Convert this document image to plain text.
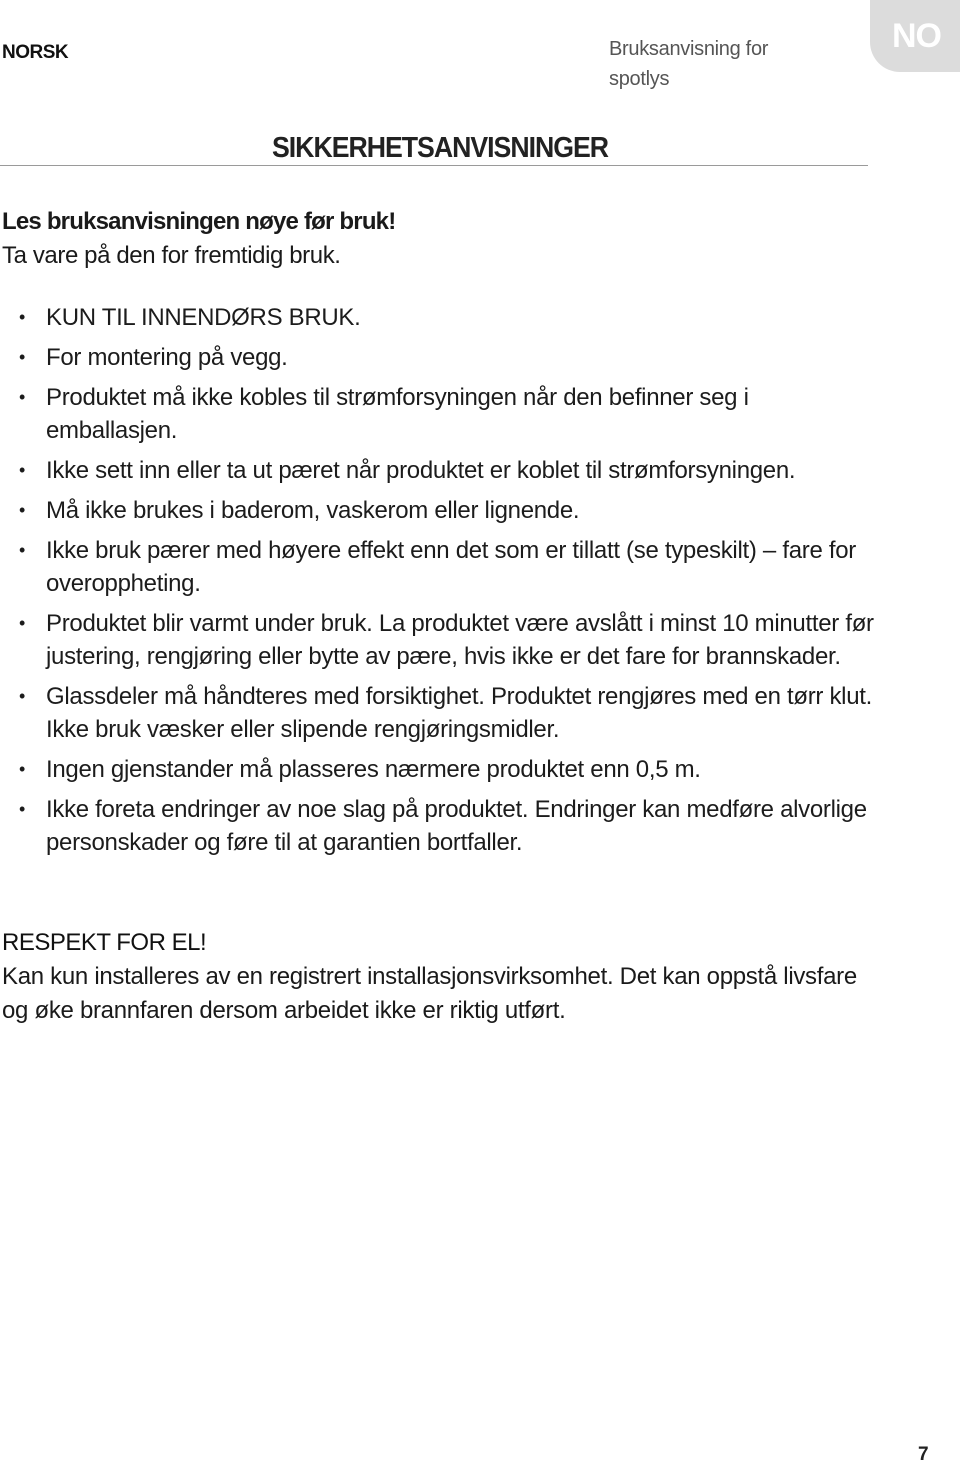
NORSK	Bruksanvisning for
spotlys
NO
SIKKERHETSANVISNINGER
Les bruksanvisningen nøye før bruk!
Ta vare på den for fremtidig bruk.
• KUN TIL INNENDØRS BRUK.
• For montering på vegg.
• Produktet må ikke kobles til strømforsyningen når den befinner seg i emballasjen.
• Ikke sett inn eller ta ut pæret når produktet er koblet til strømforsyningen.
• Må ikke brukes i baderom, vaskerom eller lignende.
• Ikke bruk pærer med høyere effekt enn det som er tillatt (se typeskilt) – fare for overoppheting.
• Produktet blir varmt under bruk. La produktet være avslått i minst 10 minutter før justering, rengjøring eller bytte av pære, hvis ikke er det fare for brannskader.
• Glassdeler må håndteres med forsiktighet. Produktet rengjøres med en tørr klut. Ikke bruk væsker eller slipende rengjøringsmidler.
• Ingen gjenstander må plasseres nærmere produktet enn 0,5 m.
• Ikke foreta endringer av noe slag på produktet. Endringer kan medføre alvorlige personskader og føre til at garantien bortfaller.
RESPEKT FOR EL!
Kan kun installeres av en registrert installasjonsvirksomhet. Det kan oppstå livsfare og øke brannfaren dersom arbeidet ikke er riktig utført.
7
